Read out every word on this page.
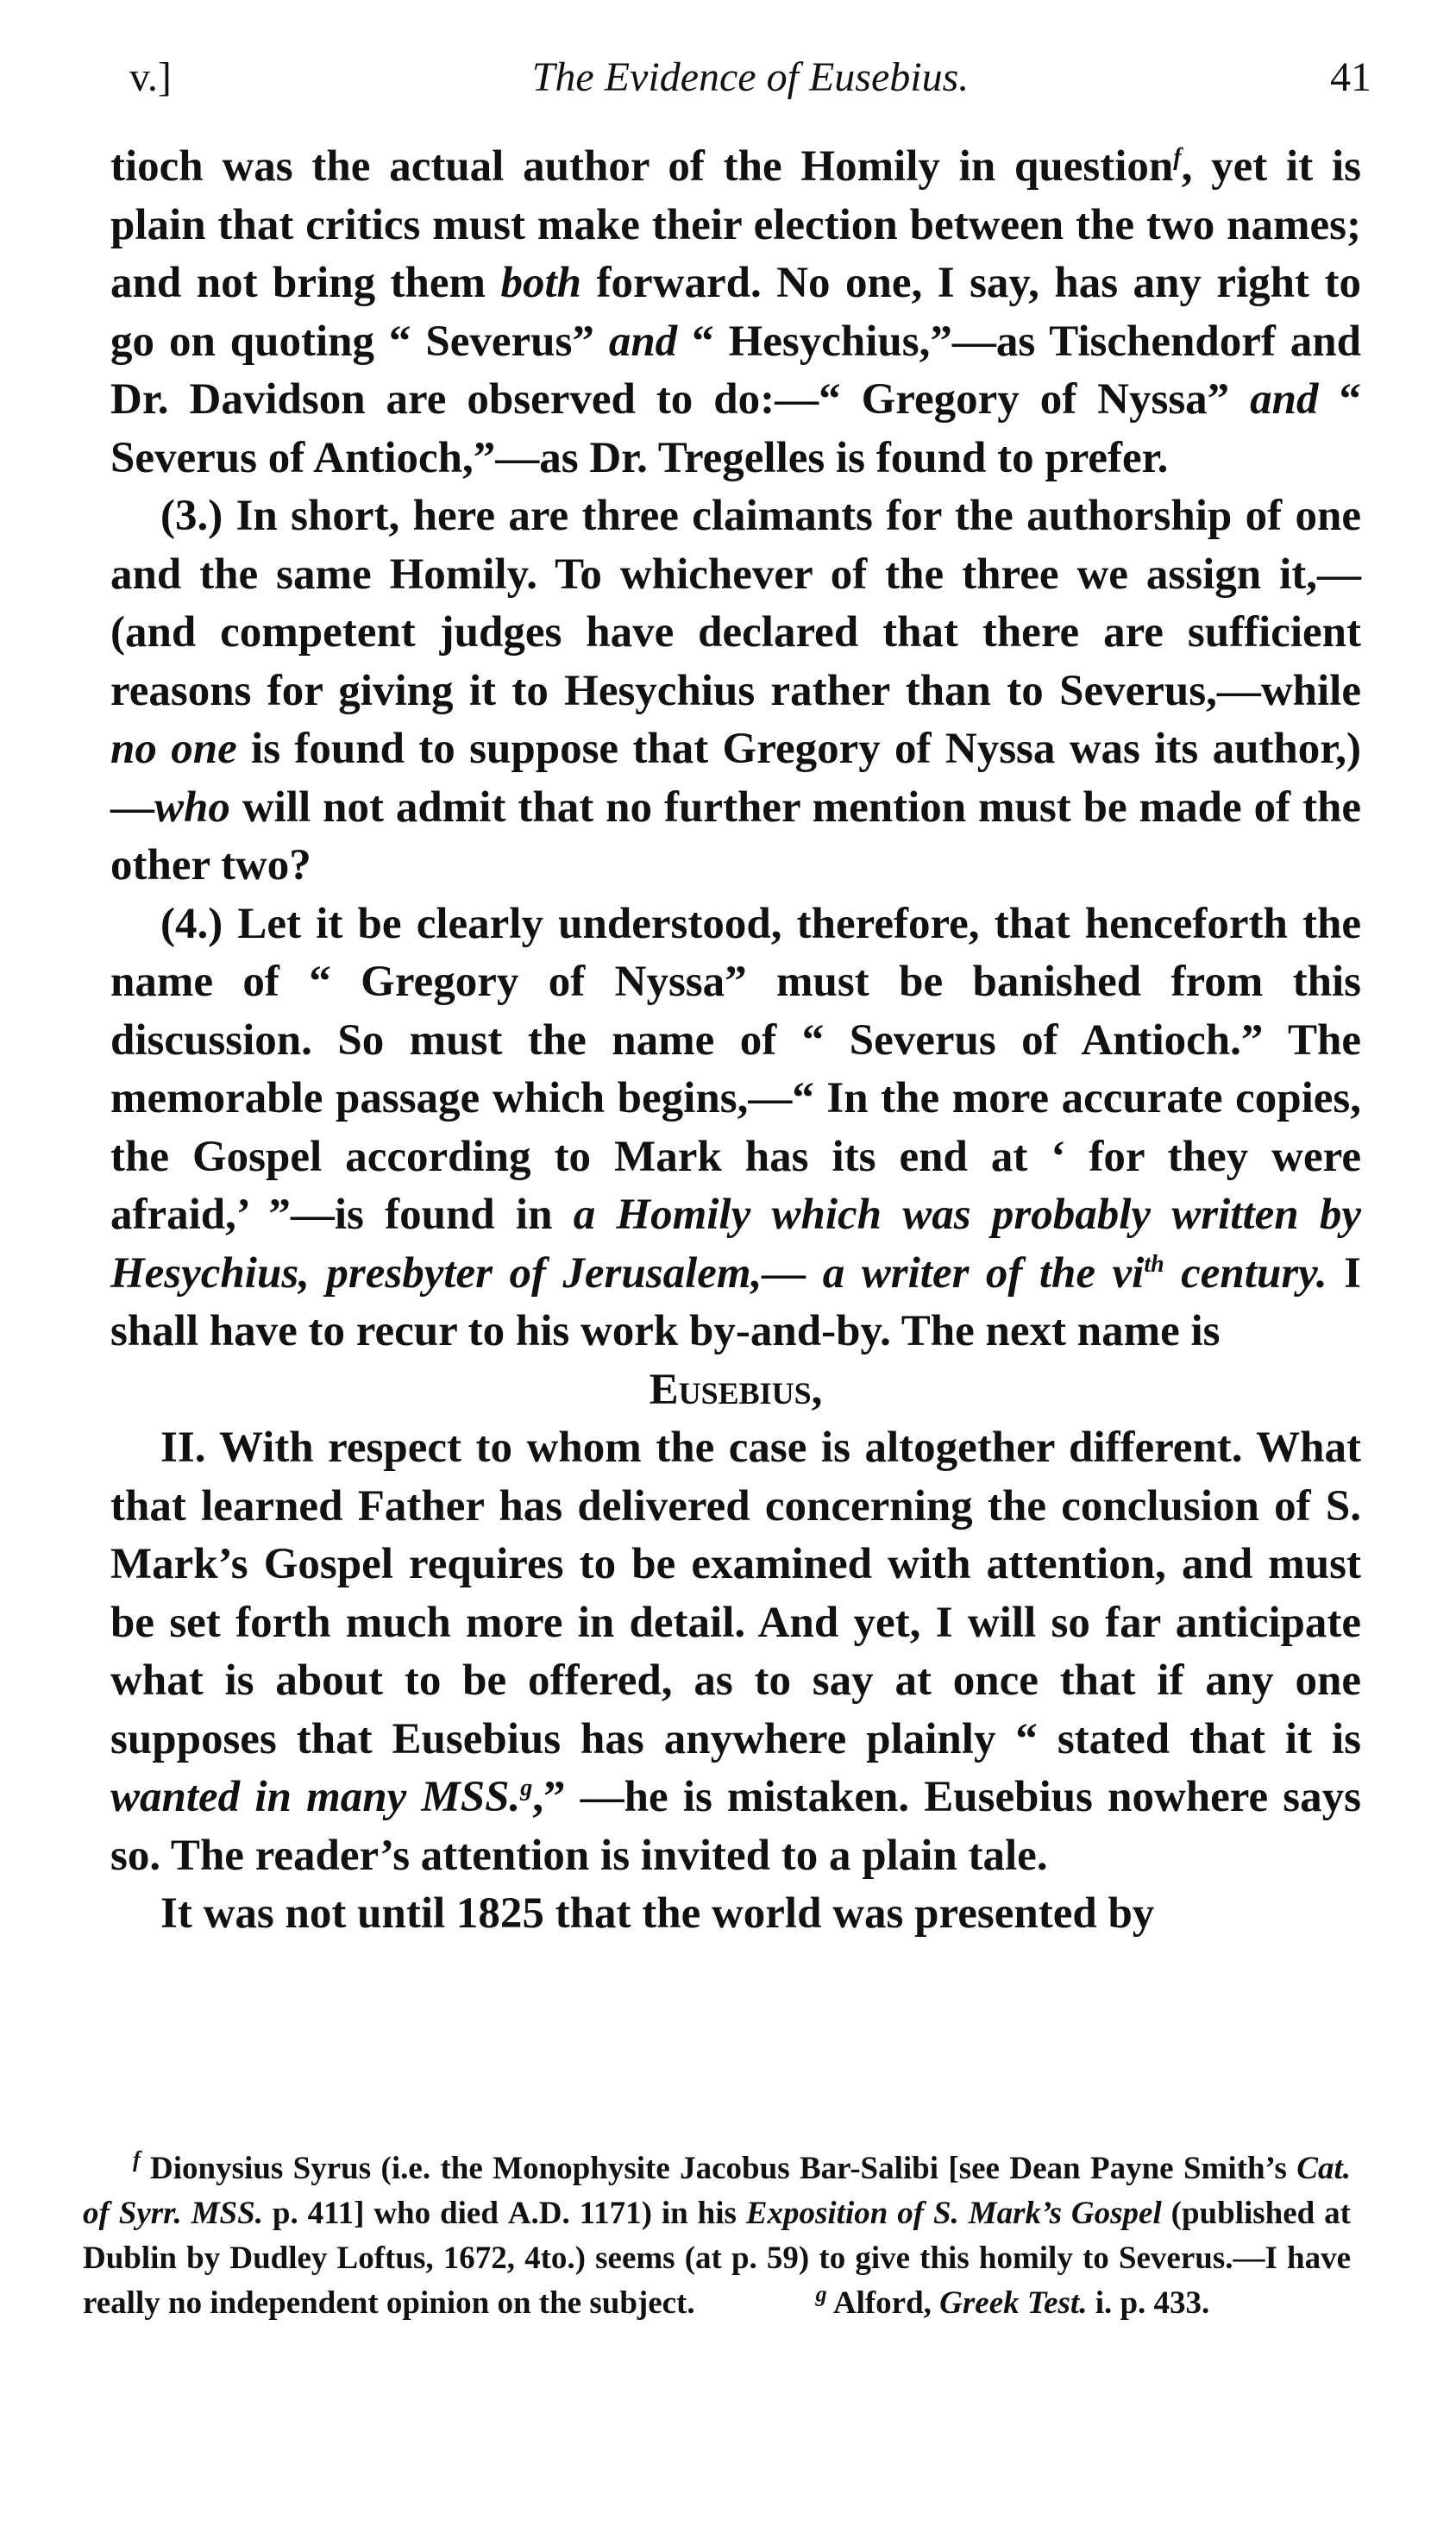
v.]	The Evidence of Eusebius.	41

tioch was the actual author of the Homily in question$^f$, yet it is plain that critics must make their election between the two names; and not bring them both forward. No one, I say, has any right to go on quoting “ Severus” and “ Hesychius,”—as Tischendorf and Dr. Davidson are observed to do:—“ Gregory of Nyssa” and “ Severus of Antioch,”—as Dr. Tregelles is found to prefer.

(3.) In short, here are three claimants for the authorship of one and the same Homily. To whichever of the three we assign it,—(and competent judges have declared that there are sufficient reasons for giving it to Hesychius rather than to Severus,—while no one is found to suppose that Gregory of Nyssa was its author,)—who will not admit that no further mention must be made of the other two?

(4.) Let it be clearly understood, therefore, that henceforth the name of “ Gregory of Nyssa” must be banished from this discussion. So must the name of “ Severus of Antioch.” The memorable passage which begins,—“ In the more accurate copies, the Gospel according to Mark has its end at ‘ for they were afraid,’ ”—is found in a Homily which was probably written by Hesychius, presbyter of Jerusalem,— a writer of the vi$^{th}$ century. I shall have to recur to his work by-and-by. The next name is

Eusebius,

II. With respect to whom the case is altogether different. What that learned Father has delivered concerning the conclusion of S. Mark’s Gospel requires to be examined with attention, and must be set forth much more in detail. And yet, I will so far anticipate what is about to be offered, as to say at once that if any one supposes that Eusebius has anywhere plainly “ stated that it is wanted in many MSS.$^g$,” —he is mistaken. Eusebius nowhere says so. The reader’s attention is invited to a plain tale.

It was not until 1825 that the world was presented by

$^f$ Dionysius Syrus (i.e. the Monophysite Jacobus Bar-Salibi [see Dean Payne Smith’s Cat. of Syrr. MSS. p. 411] who died A.D. 1171) in his Exposition of S. Mark’s Gospel (published at Dublin by Dudley Loftus, 1672, 4to.) seems (at p. 59) to give this homily to Severus.—I have really no independent opinion on the subject.	$^g$ Alford, Greek Test. i. p. 433.
